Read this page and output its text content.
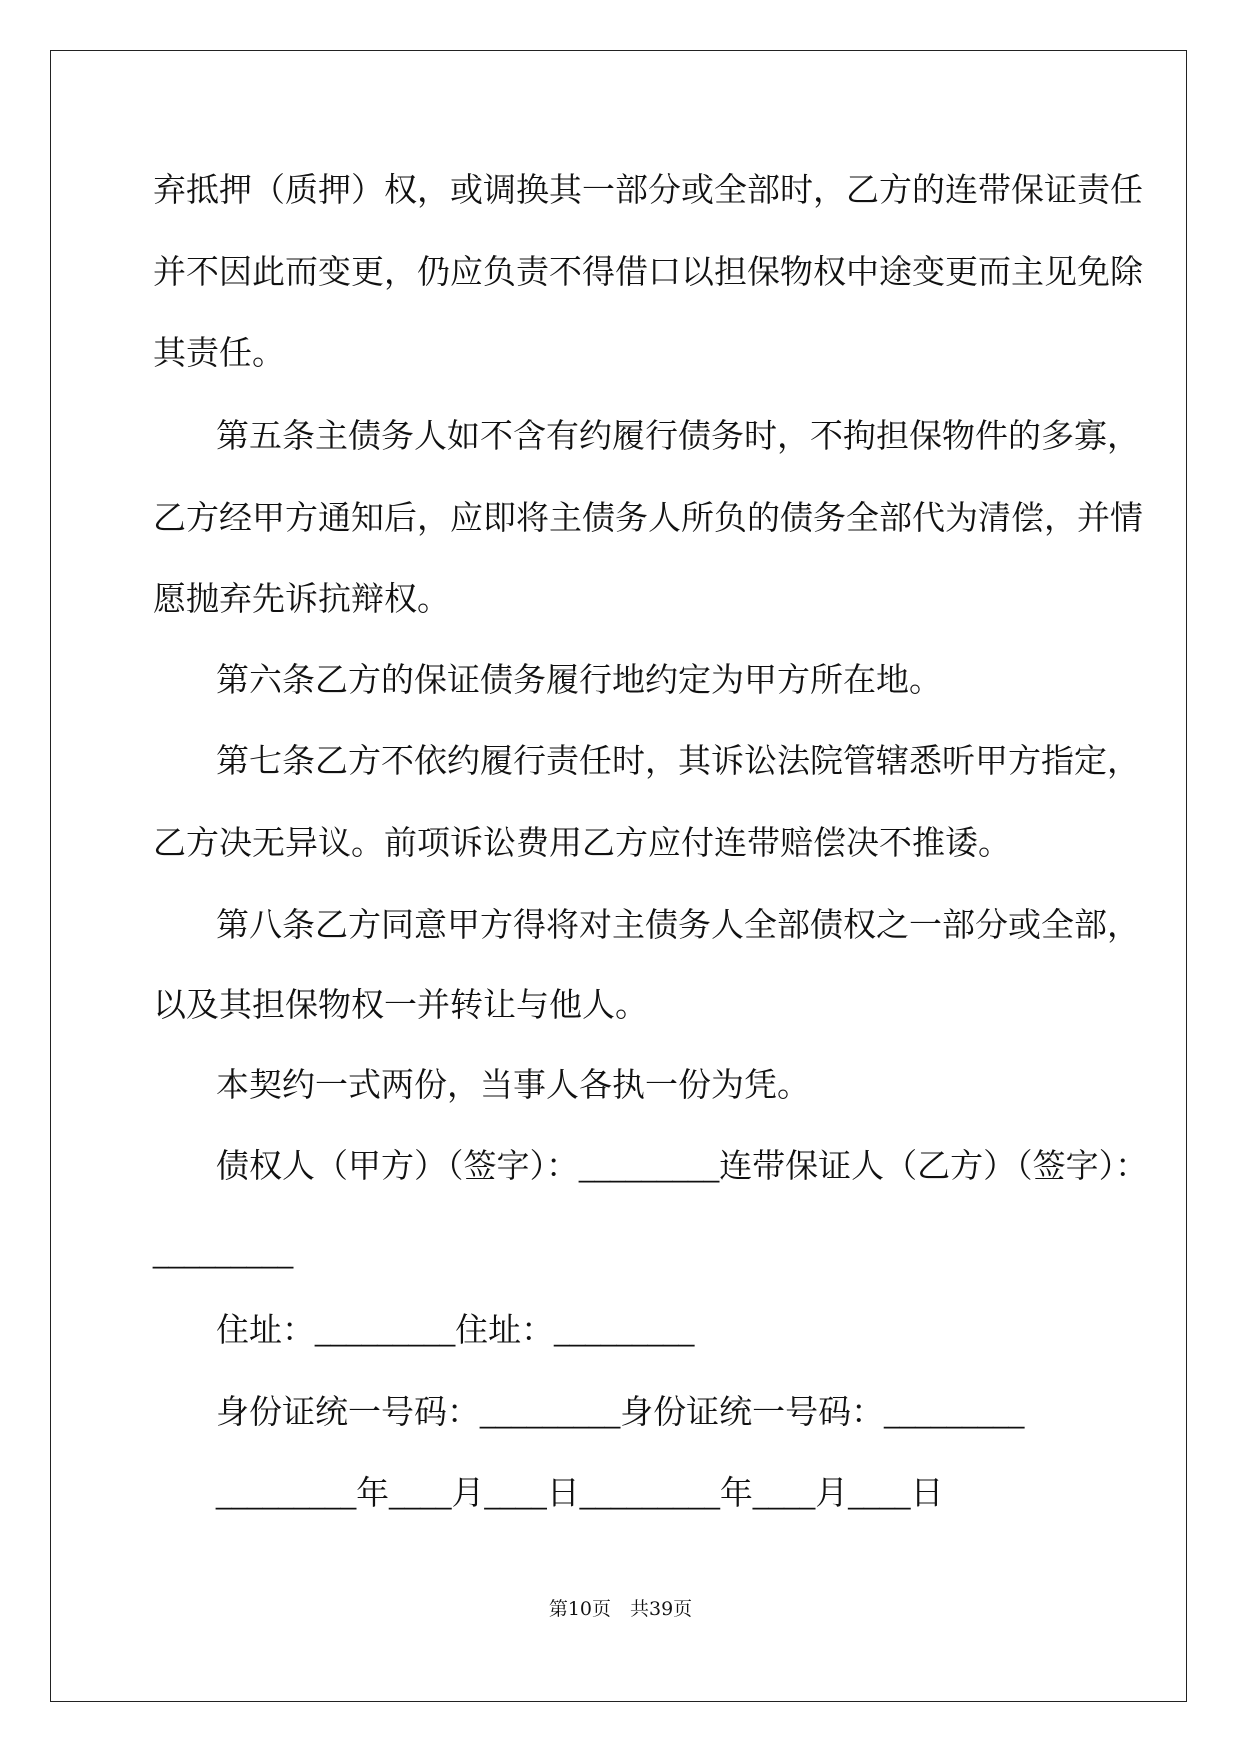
弃抵押（质押）权，或调换其一部分或全部时，乙方的连带保证责任
并不因此而变更，仍应负责不得借口以担保物权中途变更而主见免除
其责任。
第五条主债务人如不含有约履行债务时，不拘担保物件的多寡，
乙方经甲方通知后，应即将主债务人所负的债务全部代为清偿，并情
愿抛弃先诉抗辩权。
第六条乙方的保证债务履行地约定为甲方所在地。
第七条乙方不依约履行责任时，其诉讼法院管辖悉听甲方指定，
乙方决无异议。前项诉讼费用乙方应付连带赔偿决不推诿。
第八条乙方同意甲方得将对主债务人全部债权之一部分或全部，
以及其担保物权一并转让与他人。
本契约一式两份，当事人各执一份为凭。
债权人（甲方）（签字）：_________连带保证人（乙方）（签字）：
_________
住址：_________住址：_________
身份证统一号码：_________身份证统一号码：_________
_________年____月____日_________年____月____日
第10页　共39页
